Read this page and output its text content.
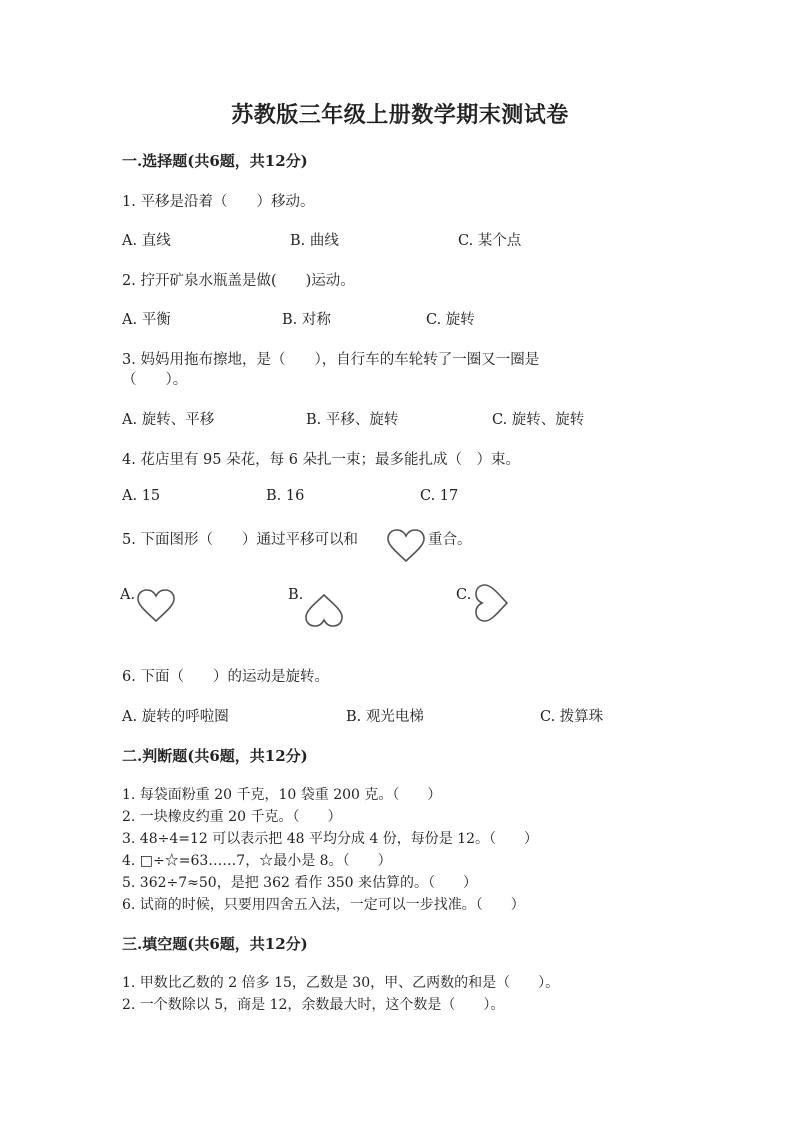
苏教版三年级上册数学期末测试卷
一.选择题(共6题，共12分)
1. 平移是沿着（　　）移动。
A. 直线	B. 曲线	C. 某个点
2. 拧开矿泉水瓶盖是做(　　)运动。
A. 平衡	B. 对称	C. 旋转
3. 妈妈用拖布擦地，是（　　），自行车的车轮转了一圈又一圈是
（　　）。
A. 旋转、平移	B. 平移、旋转	C. 旋转、旋转
4. 花店里有 95 朵花，每 6 朵扎一束；最多能扎成（　）束。
A. 15	B. 16	C. 17
5. 下面图形（　　）通过平移可以和	重合。
A.	B.	C.
6. 下面（　　）的运动是旋转。
A. 旋转的呼啦圈	B. 观光电梯	C. 拨算珠
二.判断题(共6题，共12分)
1. 每袋面粉重 20 千克，10 袋重 200 克。（　　）
2. 一块橡皮约重 20 千克。（　　）
3. 48÷4=12 可以表示把 48 平均分成 4 份，每份是 12。（　　）
4. □÷☆=63……7，☆最小是 8。（　　）
5. 362÷7≈50，是把 362 看作 350 来估算的。（　　）
6. 试商的时候，只要用四舍五入法，一定可以一步找准。（　　）
三.填空题(共6题，共12分)
1. 甲数比乙数的 2 倍多 15，乙数是 30，甲、乙两数的和是（　　）。
2. 一个数除以 5，商是 12，余数最大时，这个数是（　　）。
